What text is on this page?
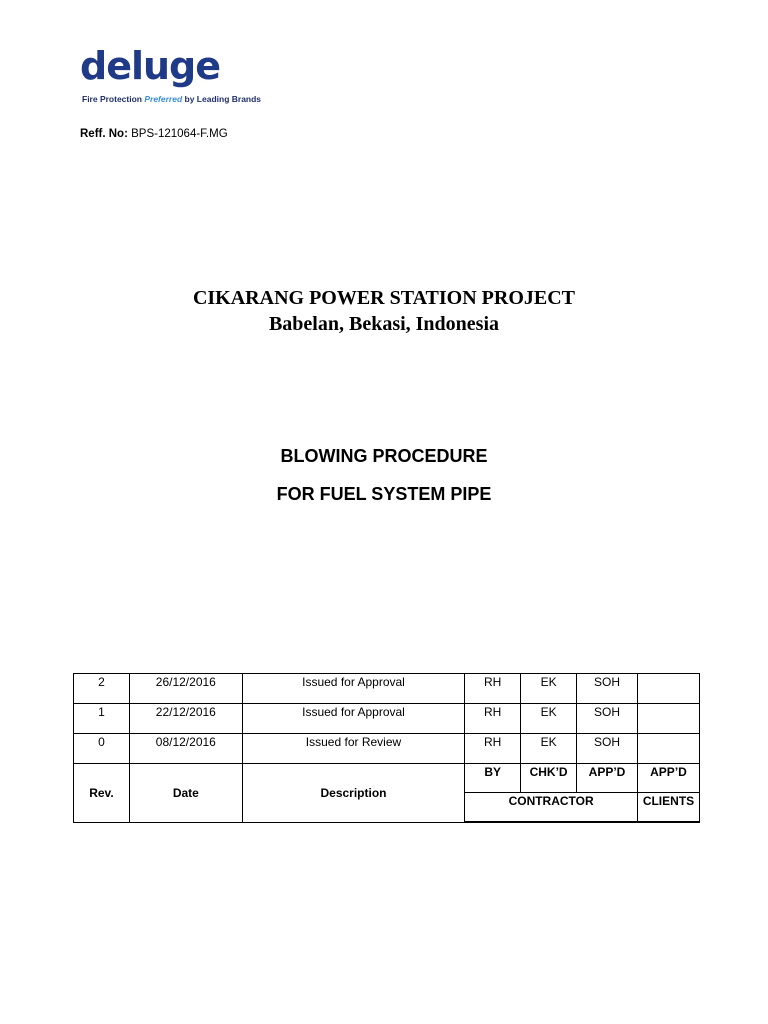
deluge
Fire Protection Preferred by Leading Brands
Reff. No: BPS-121064-F.MG
CIKARANG POWER STATION PROJECT
Babelan, Bekasi, Indonesia
BLOWING PROCEDURE
FOR FUEL SYSTEM PIPE
2	26/12/2016	Issued for Approval	RH	EK	SOH	
1	22/12/2016	Issued for Approval	RH	EK	SOH	
0	08/12/2016	Issued for Review	RH	EK	SOH	
Rev.	Date	Description	BY	CHK’D	APP’D	APP’D
			CONTRACTOR			CLIENTS
